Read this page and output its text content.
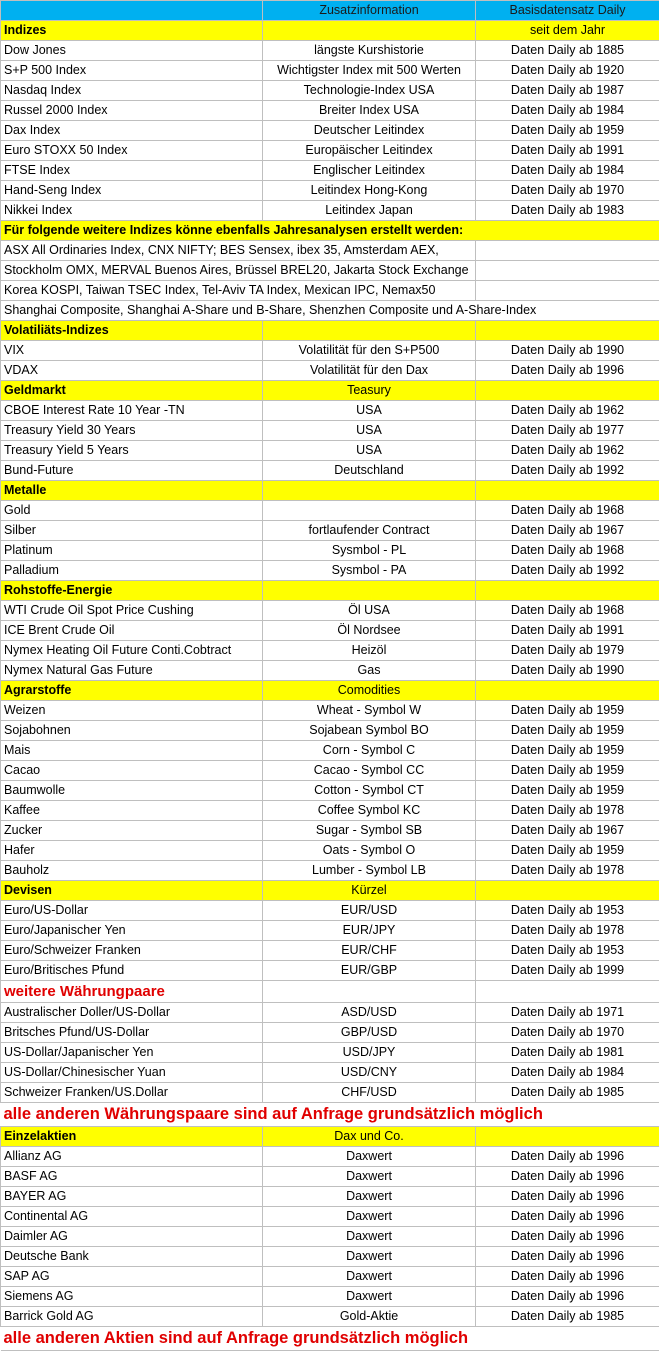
	Zusatzinformation	Basisdatensatz Daily
Indizes		seit dem Jahr
Dow Jones	längste Kurshistorie	Daten Daily ab 1885
S+P 500 Index	Wichtigster Index mit 500 Werten	Daten Daily ab 1920
Nasdaq Index	Technologie-Index USA	Daten Daily ab 1987
Russel 2000 Index	Breiter Index USA	Daten Daily ab 1984
Dax Index	Deutscher Leitindex	Daten Daily ab 1959
Euro STOXX 50 Index	Europäischer Leitindex	Daten Daily ab 1991
FTSE Index	Englischer Leitindex	Daten Daily ab 1984
Hand-Seng Index	Leitindex Hong-Kong	Daten Daily ab 1970
Nikkei Index	Leitindex Japan	Daten Daily ab 1983
Für folgende weitere Indizes könne ebenfalls Jahresanalysen erstellt werden:		
ASX All Ordinaries Index, CNX NIFTY; BES Sensex, ibex 35, Amsterdam AEX,		
Stockholm OMX, MERVAL Buenos Aires, Brüssel BREL20, Jakarta Stock Exchange		
Korea KOSPI, Taiwan TSEC Index, Tel-Aviv TA Index, Mexican IPC, Nemax50		
Shanghai Composite, Shanghai A-Share und B-Share, Shenzhen Composite und A-Share-Index		
Volatiliäts-Indizes		
VIX	Volatilität für den S+P500	Daten Daily ab 1990
VDAX	Volatilität für den Dax	Daten Daily ab 1996
Geldmarkt	Teasury	
CBOE Interest Rate 10 Year -TN	USA	Daten Daily ab 1962
Treasury Yield 30 Years	USA	Daten Daily ab 1977
Treasury Yield 5 Years	USA	Daten Daily ab 1962
Bund-Future	Deutschland	Daten Daily ab 1992
Metalle		
Gold		Daten Daily ab 1968
Silber	fortlaufender Contract	Daten Daily ab 1967
Platinum	Sysmbol - PL	Daten Daily ab 1968
Palladium	Sysmbol - PA	Daten Daily ab 1992
Rohstoffe-Energie		
WTI Crude Oil Spot Price Cushing	Öl USA	Daten Daily ab 1968
ICE Brent Crude Oil	Öl Nordsee	Daten Daily ab 1991
Nymex Heating Oil Future Conti.Cobtract	Heizöl	Daten Daily ab 1979
Nymex Natural Gas Future	Gas	Daten Daily ab 1990
Agrarstoffe	Comodities	
Weizen	Wheat - Symbol W	Daten Daily ab 1959
Sojabohnen	Sojabean Symbol BO	Daten Daily ab 1959
Mais	Corn - Symbol C	Daten Daily ab 1959
Cacao	Cacao - Symbol CC	Daten Daily ab 1959
Baumwolle	Cotton - Symbol CT	Daten Daily ab 1959
Kaffee	Coffee Symbol KC	Daten Daily ab 1978
Zucker	Sugar - Symbol SB	Daten Daily ab 1967
Hafer	Oats - Symbol O	Daten Daily ab 1959
Bauholz	Lumber - Symbol LB	Daten Daily ab 1978
Devisen	Kürzel	
Euro/US-Dollar	EUR/USD	Daten Daily ab 1953
Euro/Japanischer Yen	EUR/JPY	Daten Daily ab 1978
Euro/Schweizer Franken	EUR/CHF	Daten Daily ab 1953
Euro/Britisches Pfund	EUR/GBP	Daten Daily ab 1999
weitere Währungpaare		
Australischer Doller/US-Dollar	ASD/USD	Daten Daily ab 1971
Britsches Pfund/US-Dollar	GBP/USD	Daten Daily ab 1970
US-Dollar/Japanischer Yen	USD/JPY	Daten Daily ab 1981
US-Dollar/Chinesischer Yuan	USD/CNY	Daten Daily ab 1984
Schweizer Franken/US.Dollar	CHF/USD	Daten Daily ab 1985
alle anderen Währungspaare sind auf Anfrage grundsätzlich möglich		
Einzelaktien	Dax und Co.	
Allianz AG	Daxwert	Daten Daily ab 1996
BASF AG	Daxwert	Daten Daily ab 1996
BAYER AG	Daxwert	Daten Daily ab 1996
Continental AG	Daxwert	Daten Daily ab 1996
Daimler AG	Daxwert	Daten Daily ab 1996
Deutsche Bank	Daxwert	Daten Daily ab 1996
SAP AG	Daxwert	Daten Daily ab 1996
Siemens AG	Daxwert	Daten Daily ab 1996
Barrick Gold AG	Gold-Aktie	Daten Daily ab 1985
alle anderen Aktien sind auf Anfrage grundsätzlich möglich		
